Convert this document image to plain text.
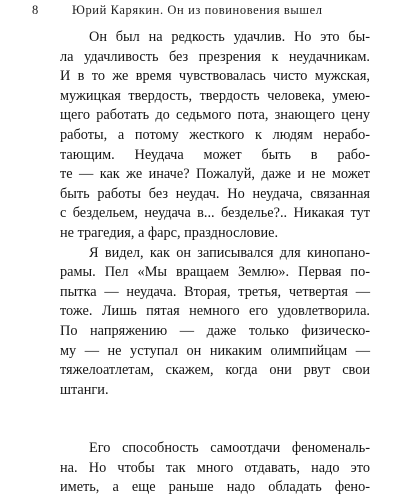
8	Юрий Карякин. Он из повиновения вышел
Он был на редкость удачлив. Но это бы-
ла удачливость без презрения к неудачникам.
И в то же время чувствовалась чисто мужская,
мужицкая твердость, твердость человека, умею-
щего работать до седьмого пота, знающего цену
работы, а потому жесткого к людям нерабо-
тающим. Неудача может быть в рабо-
те — как же иначе? Пожалуй, даже и не может
быть работы без неудач. Но неудача, связанная
с бездельем, неудача в... безделье?.. Никакая тут
не трагедия, а фарс, празднословие.
Я видел, как он записывался для кинопано-
рамы. Пел «Мы вращаем Землю». Первая по-
пытка — неудача. Вторая, третья, четвертая —
тоже. Лишь пятая немного его удовлетворила.
По напряжению — даже только физическо-
му — не уступал он никаким олимпийцам —
тяжелоатлетам, скажем, когда они рвут свои
штанги.
Его способность самоотдачи феноменаль-
на. Но чтобы так много отдавать, надо это
иметь, а еще раньше надо обладать фено-
